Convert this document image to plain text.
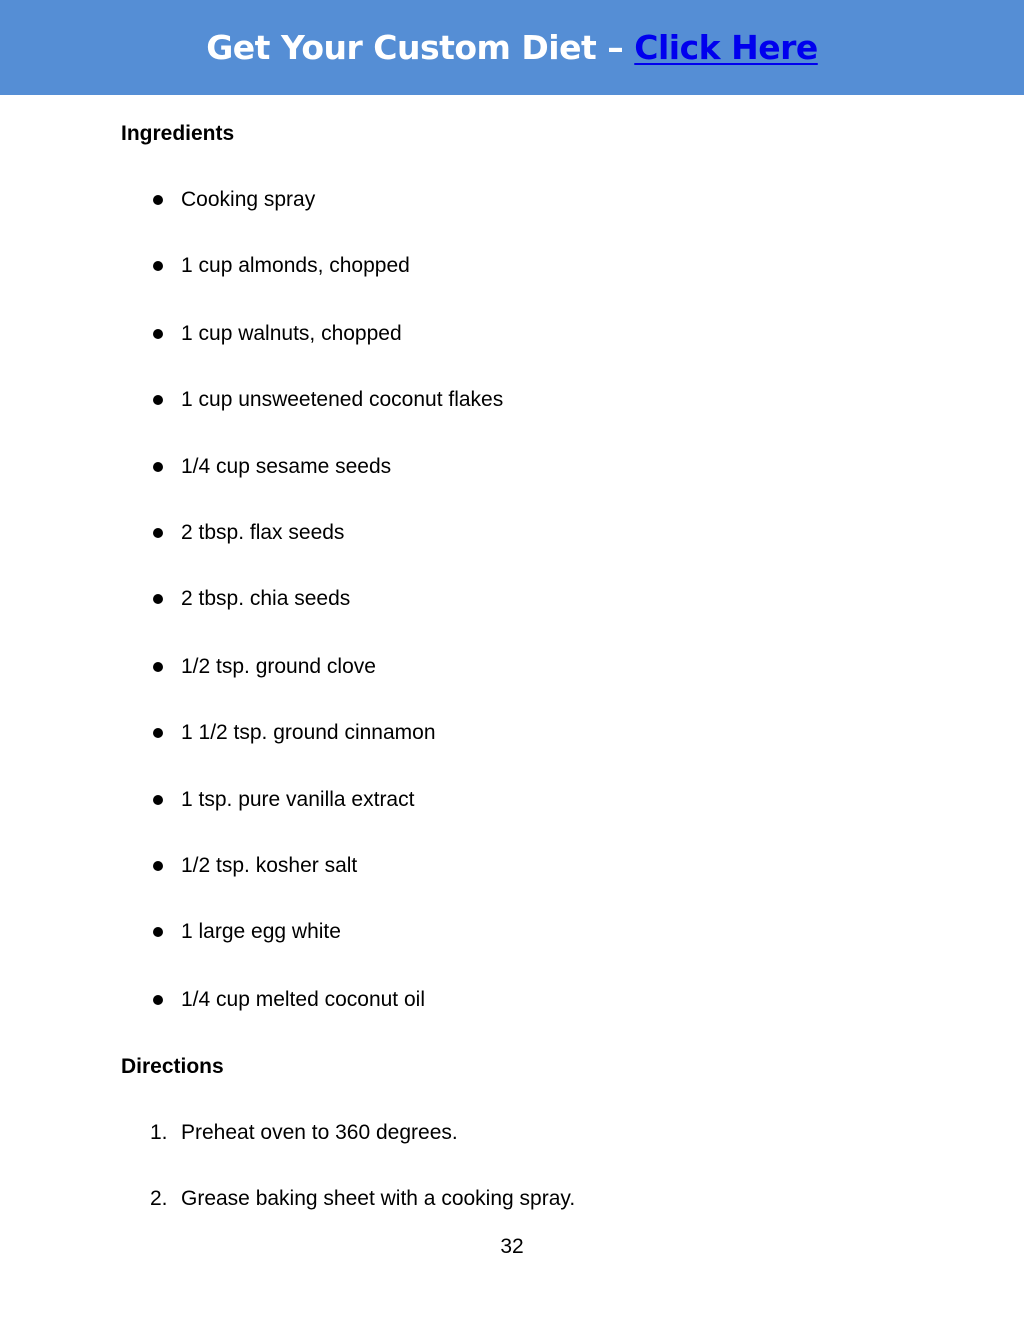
Get Your Custom Diet – Click Here
Ingredients
Cooking spray
1 cup almonds, chopped
1 cup walnuts, chopped
1 cup unsweetened coconut flakes
1/4 cup sesame seeds
2 tbsp. flax seeds
2 tbsp. chia seeds
1/2 tsp. ground clove
1 1/2 tsp. ground cinnamon
1 tsp. pure vanilla extract
1/2 tsp. kosher salt
1 large egg white
1/4 cup melted coconut oil
Directions
1. Preheat oven to 360 degrees.
2. Grease baking sheet with a cooking spray.
32
